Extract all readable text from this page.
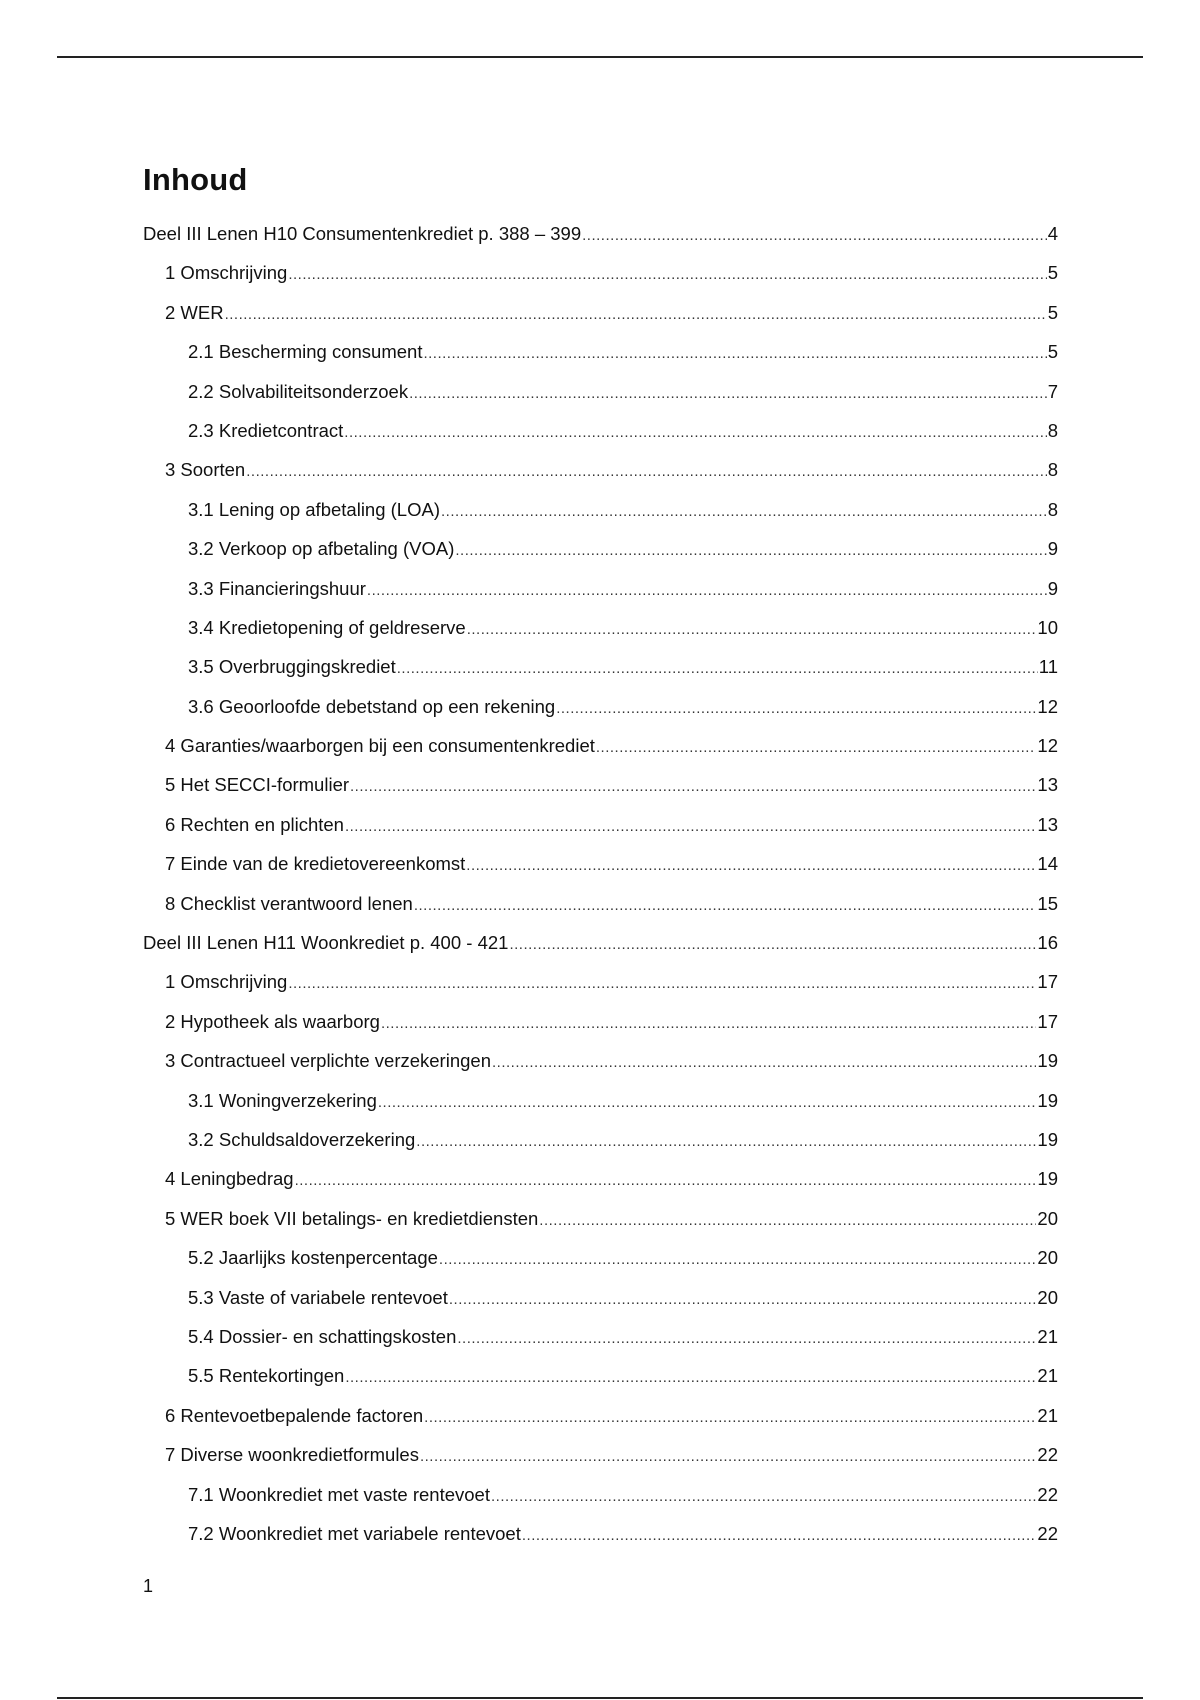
Inhoud
Deel III Lenen H10 Consumentenkrediet p. 388 – 399 .....	4
1 Omschrijving .....	5
2 WER .....	5
2.1 Bescherming consument .....	5
2.2 Solvabiliteitsonderzoek .....	7
2.3 Kredietcontract .....	8
3 Soorten .....	8
3.1 Lening op afbetaling (LOA) .....	8
3.2 Verkoop op afbetaling (VOA) .....	9
3.3 Financieringshuur .....	9
3.4 Kredietopening of geldreserve .....	10
3.5 Overbruggingskrediet .....	11
3.6 Geoorloofde debetstand op een rekening .....	12
4 Garanties/waarborgen bij een consumentenkrediet .....	12
5 Het SECCI-formulier .....	13
6 Rechten en plichten .....	13
7 Einde van de kredietovereenkomst .....	14
8 Checklist verantwoord lenen .....	15
Deel III Lenen H11 Woonkrediet p. 400 - 421 .....	16
1 Omschrijving .....	17
2 Hypotheek als waarborg .....	17
3 Contractueel verplichte verzekeringen .....	19
3.1 Woningverzekering .....	19
3.2 Schuldsaldoverzekering .....	19
4 Leningbedrag .....	19
5 WER boek VII betalings- en kredietdiensten .....	20
5.2 Jaarlijks kostenpercentage .....	20
5.3 Vaste of variabele rentevoet .....	20
5.4 Dossier- en schattingskosten .....	21
5.5 Rentekortingen .....	21
6 Rentevoetbepalende factoren .....	21
7 Diverse woonkredietformules .....	22
7.1 Woonkrediet met vaste rentevoet .....	22
7.2 Woonkrediet met variabele rentevoet .....	22
1
